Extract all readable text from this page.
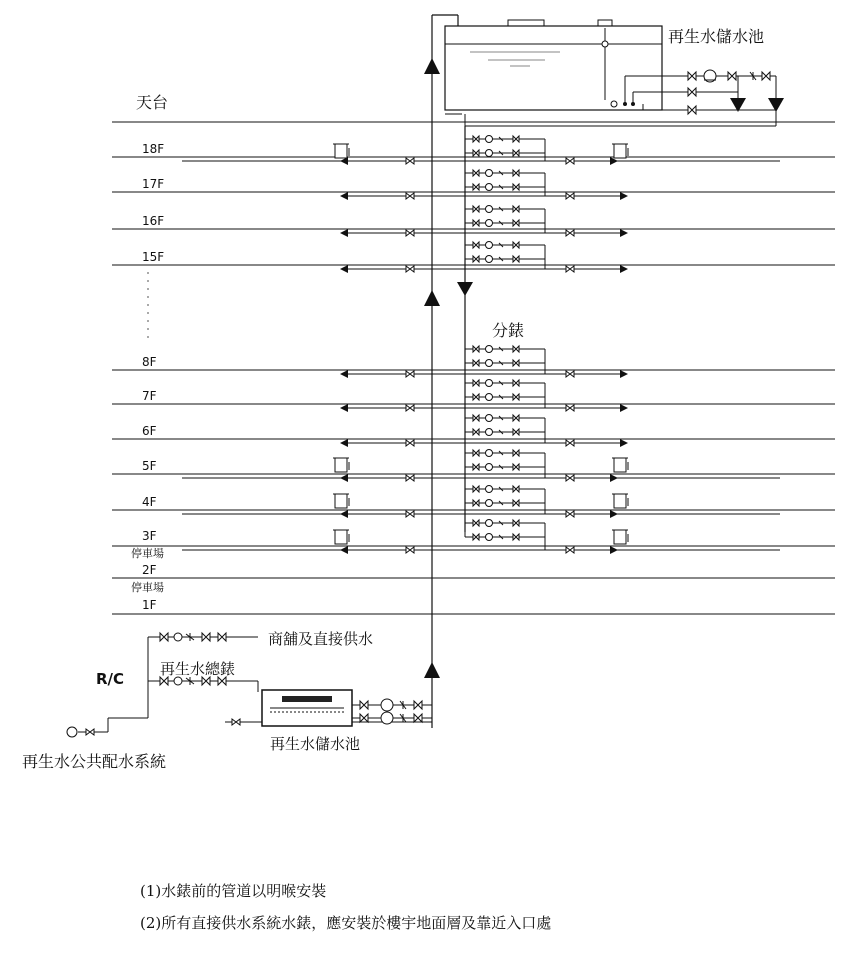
再生水儲水池
天台
分錶
18F
17F
16F
15F
8F
7F
6F
5F
4F
3F
停車場
2F
停車場
1F
商舖及直接供水
再生水總錶
R/C
再生水儲水池
再生水公共配水系統
(1)水錶前的管道以明喉安裝
(2)所有直接供水系統水錶，應安裝於樓宇地面層及靠近入口處
